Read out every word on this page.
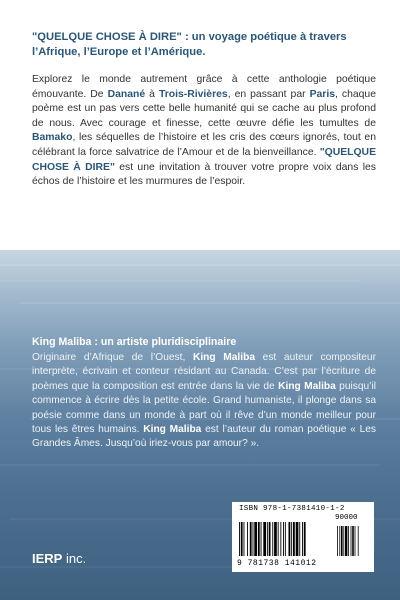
"QUELQUE CHOSE À DIRE" : un voyage poétique à travers l’Afrique, l’Europe et l’Amérique.
Explorez le monde autrement grâce à cette anthologie poétique émouvante. De Danané à Trois-Rivières, en passant par Paris, chaque poème est un pas vers cette belle humanité qui se cache au plus profond de nous. Avec courage et finesse, cette œuvre défie les tumultes de Bamako, les séquelles de l’histoire et les cris des cœurs ignorés, tout en célébrant la force salvatrice de l’Amour et de la bienveillance. "QUELQUE CHOSE À DIRE" est une invitation à trouver votre propre voix dans les échos de l’histoire et les murmures de l’espoir.
King Maliba : un artiste pluridisciplinaire
Originaire d’Afrique de l’Ouest, King Maliba est auteur compositeur interprète, écrivain et conteur résidant au Canada. C’est par l’écriture de poèmes que la composition est entrée dans la vie de King Maliba puisqu’il commence à écrire dès la petite école. Grand humaniste, il plonge dans sa poésie comme dans un monde à part où il rêve d’un monde meilleur pour tous les êtres humains. King Maliba est l’auteur du roman poétique « Les Grandes Âmes. Jusqu’où iriez-vous par amour? ».
IERP inc.
ISBN 978-1-7381410-1-2
90000
9 781738 141012
